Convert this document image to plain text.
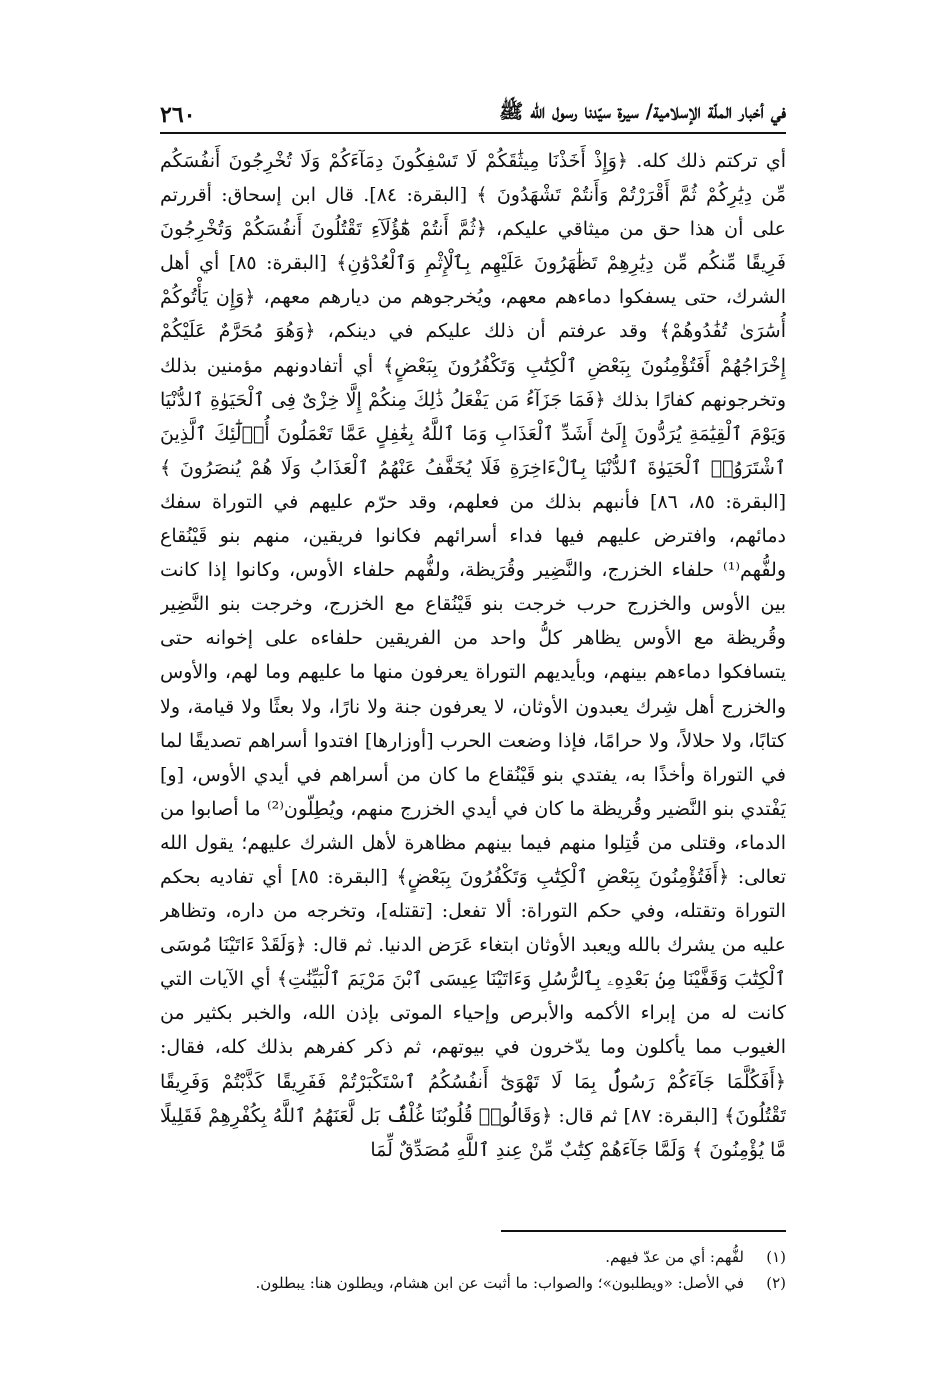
في أخبار الملّة الإسلامية/ سيرة سيّدنا رسول الله ﷺ
٢٦٠

أي تركتم ذلك كله. ﴿وَإِذْ أَخَذْنَا مِيثَٰقَكُمْ لَا تَسْفِكُونَ دِمَآءَكُمْ وَلَا تُخْرِجُونَ أَنفُسَكُم مِّن دِيَٰرِكُمْ ثُمَّ أَقْرَرْتُمْ وَأَنتُمْ تَشْهَدُونَ ﴾ [البقرة: ٨٤]. قال ابن إسحاق: أقررتم على أن هذا حق من ميثاقي عليكم، ﴿ثُمَّ أَنتُمْ هَٰٓؤُلَآءِ تَقْتُلُونَ أَنفُسَكُمْ وَتُخْرِجُونَ فَرِيقًا مِّنكُم مِّن دِيَٰرِهِمْ تَظَٰهَرُونَ عَلَيْهِم بِٱلْإِثْمِ وَٱلْعُدْوَٰنِ﴾ [البقرة: ٨٥] أي أهل الشرك، حتى يسفكوا دماءهم معهم، ويُخرجوهم من ديارهم معهم، ﴿وَإِن يَأْتُوكُمْ أُسَٰرَىٰ تُفَٰدُوهُمْ﴾ وقد عرفتم أن ذلك عليكم في دينكم، ﴿وَهُوَ مُحَرَّمٌ عَلَيْكُمْ إِخْرَاجُهُمْ أَفَتُؤْمِنُونَ بِبَعْضِ ٱلْكِتَٰبِ وَتَكْفُرُونَ بِبَعْضٍ﴾ أي أتفادونهم مؤمنين بذلك وتخرجونهم كفارًا بذلك ﴿فَمَا جَزَآءُ مَن يَفْعَلُ ذَٰلِكَ مِنكُمْ إِلَّا خِزْىٌ فِى ٱلْحَيَوٰةِ ٱلدُّنْيَا وَيَوْمَ ٱلْقِيَٰمَةِ يُرَدُّونَ إِلَىٰٓ أَشَدِّ ٱلْعَذَابِ وَمَا ٱللَّهُ بِغَٰفِلٍ عَمَّا تَعْمَلُونَ أُو۟لَٰٓئِكَ ٱلَّذِينَ ٱشْتَرَوُا۟ ٱلْحَيَوٰةَ ٱلدُّنْيَا بِٱلْءَاخِرَةِ فَلَا يُخَفَّفُ عَنْهُمُ ٱلْعَذَابُ وَلَا هُمْ يُنصَرُونَ ﴾ [البقرة: ٨٥، ٨٦] فأنبهم بذلك من فعلهم، وقد حرّم عليهم في التوراة سفك دمائهم، وافترض عليهم فيها فداء أسرائهم فكانوا فريقين، منهم بنو قَيْنُقاع ولفُّهم⁽¹⁾ حلفاء الخزرج، والنَّضِير وقُرَيظة، ولفُّهم حلفاء الأوس، وكانوا إذا كانت بين الأوس والخزرج حرب خرجت بنو قَيْنُقاع مع الخزرج، وخرجت بنو النَّضِير وقُريظة مع الأوس يظاهر كلُّ واحد من الفريقين حلفاءه على إخوانه حتى يتسافكوا دماءهم بينهم، وبأيديهم التوراة يعرفون منها ما عليهم وما لهم، والأوس والخزرج أهل شِرك يعبدون الأوثان، لا يعرفون جنة ولا نارًا، ولا بعثًا ولا قيامة، ولا كتابًا، ولا حلالاً، ولا حرامًا، فإذا وضعت الحرب [أوزارها] افتدوا أسراهم تصديقًا لما في التوراة وأخذًا به، يفتدي بنو قَيْنُقاع ما كان من أسراهم في أيدي الأوس، [و] يَفْتدي بنو النَّضير وقُريظة ما كان في أيدي الخزرج منهم، ويُطِلّون⁽²⁾ ما أصابوا من الدماء، وقتلى من قُتِلوا منهم فيما بينهم مظاهرة لأهل الشرك عليهم؛ يقول الله تعالى: ﴿أَفَتُؤْمِنُونَ بِبَعْضِ ٱلْكِتَٰبِ وَتَكْفُرُونَ بِبَعْضٍ﴾ [البقرة: ٨٥] أي تفاديه بحكم التوراة وتقتله، وفي حكم التوراة: ألا تفعل: [تقتله]، وتخرجه من داره، وتظاهر عليه من يشرك بالله ويعبد الأوثان ابتغاء عَرَض الدنيا. ثم قال: ﴿وَلَقَدْ ءَاتَيْنَا مُوسَى ٱلْكِتَٰبَ وَقَفَّيْنَا مِنۢ بَعْدِهِۦ بِٱلرُّسُلِ وَءَاتَيْنَا عِيسَى ٱبْنَ مَرْيَمَ ٱلْبَيِّنَٰتِ﴾ أي الآيات التي كانت له من إبراء الأكمه والأبرص وإحياء الموتى بإذن الله، والخبر بكثير من الغيوب مما يأكلون وما يدّخرون في بيوتهم، ثم ذكر كفرهم بذلك كله، فقال: ﴿أَفَكُلَّمَا جَآءَكُمْ رَسُولٌۢ بِمَا لَا تَهْوَىٰٓ أَنفُسُكُمُ ٱسْتَكْبَرْتُمْ فَفَرِيقًا كَذَّبْتُمْ وَفَرِيقًا تَقْتُلُونَ﴾ [البقرة: ٨٧] ثم قال: ﴿وَقَالُوا۟ قُلُوبُنَا غُلْفٌۢ بَل لَّعَنَهُمُ ٱللَّهُ بِكُفْرِهِمْ فَقَلِيلًا مَّا يُؤْمِنُونَ ﴾ وَلَمَّا جَآءَهُمْ كِتَٰبٌ مِّنْ عِندِ ٱللَّهِ مُصَدِّقٌ لِّمَا

(١)
لفُّهم: أي من عدّ فيهم.
(٢)
في الأصل: «ويطلبون»؛ والصواب: ما أثبت عن ابن هشام، ويطلون هنا: يبطلون.
